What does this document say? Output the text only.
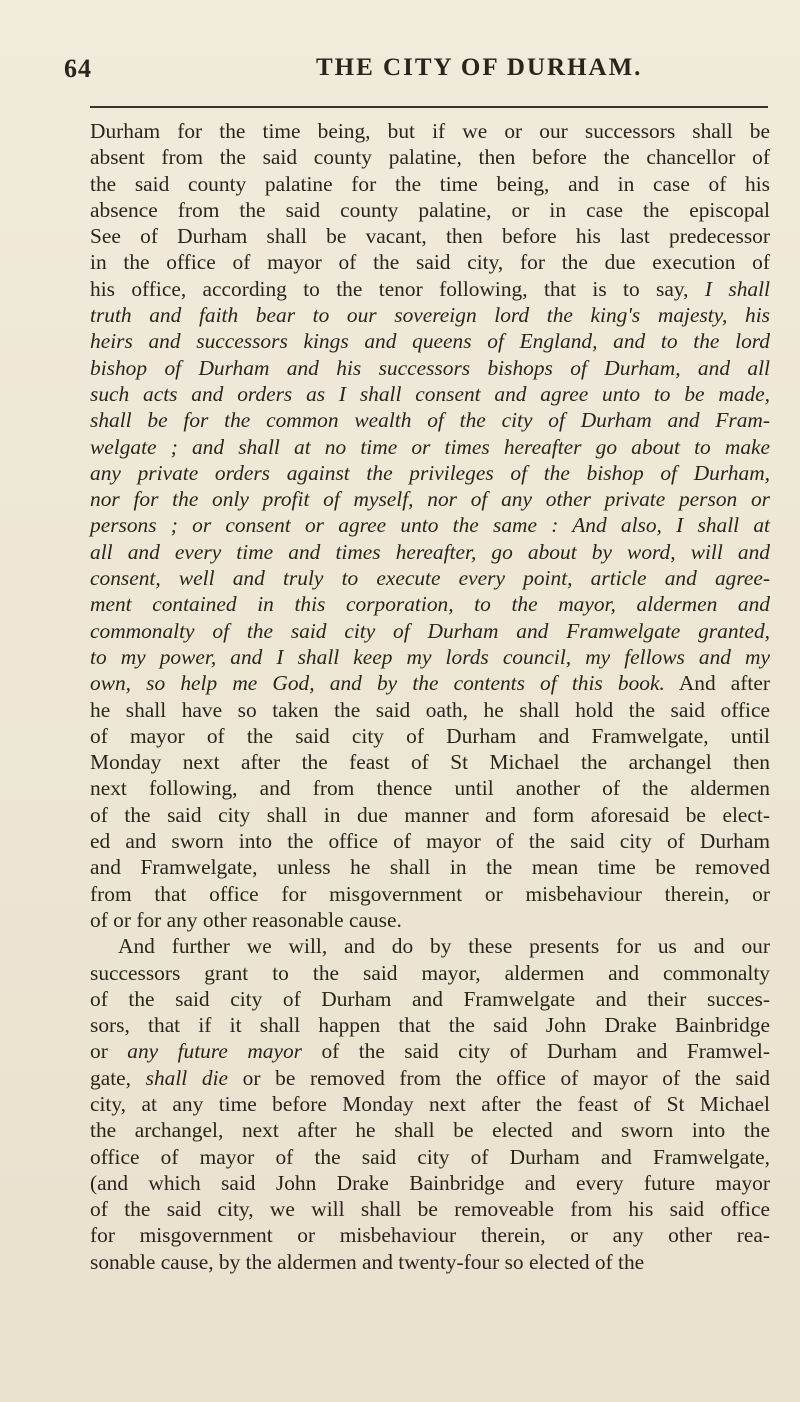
64	THE CITY OF DURHAM.
Durham for the time being, but if we or our successors shall be
absent from the said county palatine, then before the chancellor of
the said county palatine for the time being, and in case of his
absence from the said county palatine, or in case the episcopal
See of Durham shall be vacant, then before his last predecessor
in the office of mayor of the said city, for the due execution of
his office, according to the tenor following, that is to say, I shall
truth and faith bear to our sovereign lord the king's majesty, his
heirs and successors kings and queens of England, and to the lord
bishop of Durham and his successors bishops of Durham, and all
such acts and orders as I shall consent and agree unto to be made,
shall be for the common wealth of the city of Durham and Fram-
welgate ; and shall at no time or times hereafter go about to make
any private orders against the privileges of the bishop of Durham,
nor for the only profit of myself, nor of any other private person or
persons ; or consent or agree unto the same : And also, I shall at
all and every time and times hereafter, go about by word, will and
consent, well and truly to execute every point, article and agree-
ment contained in this corporation, to the mayor, aldermen and
commonalty of the said city of Durham and Framwelgate granted,
to my power, and I shall keep my lords council, my fellows and my
own, so help me God, and by the contents of this book. And after
he shall have so taken the said oath, he shall hold the said office
of mayor of the said city of Durham and Framwelgate, until
Monday next after the feast of St Michael the archangel then
next following, and from thence until another of the aldermen
of the said city shall in due manner and form aforesaid be elect-
ed and sworn into the office of mayor of the said city of Durham
and Framwelgate, unless he shall in the mean time be removed
from that office for misgovernment or misbehaviour therein, or
of or for any other reasonable cause.
And further we will, and do by these presents for us and our
successors grant to the said mayor, aldermen and commonalty
of the said city of Durham and Framwelgate and their succes-
sors, that if it shall happen that the said John Drake Bainbridge
or any future mayor of the said city of Durham and Framwel-
gate, shall die or be removed from the office of mayor of the said
city, at any time before Monday next after the feast of St Michael
the archangel, next after he shall be elected and sworn into the
office of mayor of the said city of Durham and Framwelgate,
(and which said John Drake Bainbridge and every future mayor
of the said city, we will shall be removeable from his said office
for misgovernment or misbehaviour therein, or any other rea-
sonable cause, by the aldermen and twenty-four so elected of the
